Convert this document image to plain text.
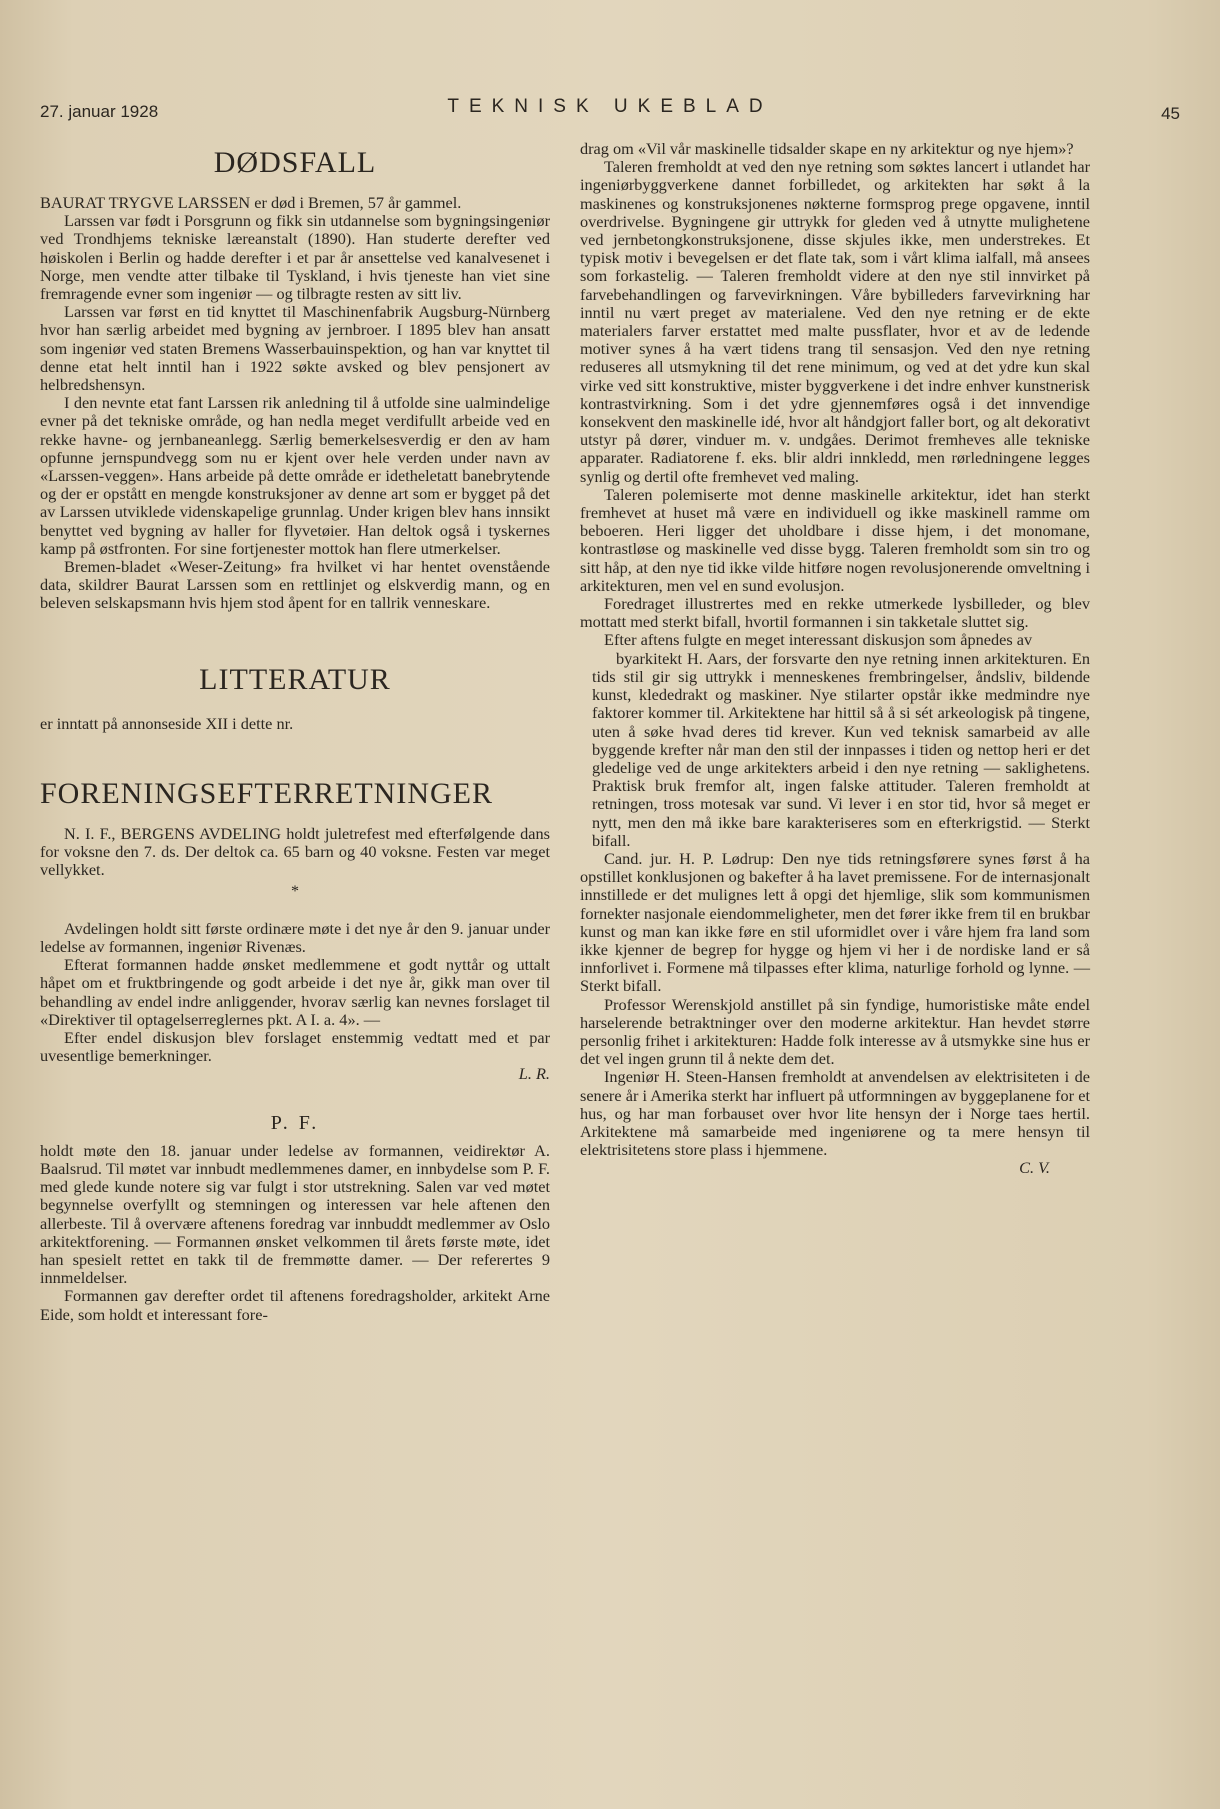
27. januar 1928	TEKNISK UKEBLAD	45
DØDSFALL

BAURAT TRYGVE LARSSEN er død i Bremen, 57 år gammel.

Larssen var født i Porsgrunn og fikk sin utdannelse som bygningsingeniør ved Trondhjems tekniske læreanstalt (1890). Han studerte derefter ved høiskolen i Berlin og hadde derefter i et par år ansettelse ved kanalvesenet i Norge, men vendte atter tilbake til Tyskland, i hvis tjeneste han viet sine fremragende evner som ingeniør — og tilbragte resten av sitt liv.

Larssen var først en tid knyttet til Maschinenfabrik Augsburg-Nürnberg hvor han særlig arbeidet med bygning av jernbroer. I 1895 blev han ansatt som ingeniør ved staten Bremens Wasserbauinspektion, og han var knyttet til denne etat helt inntil han i 1922 søkte avsked og blev pensjonert av helbredshensyn.

I den nevnte etat fant Larssen rik anledning til å utfolde sine ualmindelige evner på det tekniske område, og han nedla meget verdifullt arbeide ved en rekke havne- og jernbaneanlegg. Særlig bemerkelsesverdig er den av ham opfunne jernspundvegg som nu er kjent over hele verden under navn av «Larssen-veggen». Hans arbeide på dette område er idetheletatt banebrytende og der er opstått en mengde konstruksjoner av denne art som er bygget på det av Larssen utviklede videnskapelige grunnlag. Under krigen blev hans innsikt benyttet ved bygning av haller for flyvetøier. Han deltok også i tyskernes kamp på østfronten. For sine fortjenester mottok han flere utmerkelser.

Bremen-bladet «Weser-Zeitung» fra hvilket vi har hentet ovenstående data, skildrer Baurat Larssen som en rettlinjet og elskverdig mann, og en beleven selskapsmann hvis hjem stod åpent for en tallrik venneskare.

LITTERATUR

er inntatt på annonseside XII i dette nr.

FORENINGSEFTERRETNINGER

N. I. F., BERGENS AVDELING holdt juletrefest med efterfølgende dans for voksne den 7. ds. Der deltok ca. 65 barn og 40 voksne. Festen var meget vellykket.

*

Avdelingen holdt sitt første ordinære møte i det nye år den 9. januar under ledelse av formannen, ingeniør Rivenæs.

Efterat formannen hadde ønsket medlemmene et godt nyttår og uttalt håpet om et fruktbringende og godt arbeide i det nye år, gikk man over til behandling av endel indre anliggender, hvorav særlig kan nevnes forslaget til «Direktiver til optagelserreglernes pkt. A I. a. 4». —

Efter endel diskusjon blev forslaget enstemmig vedtatt med et par uvesentlige bemerkninger.

L. R.
P. F.

holdt møte den 18. januar under ledelse av formannen, veidirektør A. Baalsrud. Til møtet var innbudt medlemmenes damer, en innbydelse som P. F. med glede kunde notere sig var fulgt i stor utstrekning. Salen var ved møtet begynnelse overfyllt og stemningen og interessen var hele aftenen den allerbeste. Til å overvære aftenens foredrag var innbuddt medlemmer av Oslo arkitektforening. — Formannen ønsket velkommen til årets første møte, idet han spesielt rettet en takk til de fremmøtte damer. — Der referertes 9 innmeldelser.

Formannen gav derefter ordet til aftenens foredragsholder, arkitekt Arne Eide, som holdt et interessant fore-

drag om «Vil vår maskinelle tidsalder skape en ny arkitektur og nye hjem»?

Taleren fremholdt at ved den nye retning som søktes lancert i utlandet har ingeniørbyggverkene dannet forbilledet, og arkitekten har søkt å la maskinenes og konstruksjonenes nøkterne formsprog prege opgavene, inntil overdrivelse. Bygningene gir uttrykk for gleden ved å utnytte mulighetene ved jernbetongkonstruksjonene, disse skjules ikke, men understrekes. Et typisk motiv i bevegelsen er det flate tak, som i vårt klima ialfall, må ansees som forkastelig. — Taleren fremholdt videre at den nye stil innvirket på farvebehandlingen og farvevirkningen. Våre bybilleders farvevirkning har inntil nu vært preget av materialene. Ved den nye retning er de ekte materialers farver erstattet med malte pussflater, hvor et av de ledende motiver synes å ha vært tidens trang til sensasjon. Ved den nye retning reduseres all utsmykning til det rene minimum, og ved at det ydre kun skal virke ved sitt konstruktive, mister byggverkene i det indre enhver kunstnerisk kontrastvirkning. Som i det ydre gjennemføres også i det innvendige konsekvent den maskinelle idé, hvor alt håndgjort faller bort, og alt dekorativt utstyr på dører, vinduer m. v. undgåes. Derimot fremheves alle tekniske apparater. Radiatorene f. eks. blir aldri innkledd, men rørledningene legges synlig og dertil ofte fremhevet ved maling.

Taleren polemiserte mot denne maskinelle arkitektur, idet han sterkt fremhevet at huset må være en individuell og ikke maskinell ramme om beboeren. Heri ligger det uholdbare i disse hjem, i det monomane, kontrastløse og maskinelle ved disse bygg. Taleren fremholdt som sin tro og sitt håp, at den nye tid ikke vilde hitføre nogen revolusjonerende omveltning i arkitekturen, men vel en sund evolusjon.

Foredraget illustrertes med en rekke utmerkede lysbilleder, og blev mottatt med sterkt bifall, hvortil formannen i sin takketale sluttet sig.

Efter aftens fulgte en meget interessant diskusjon som åpnedes av

byarkitekt H. Aars, der forsvarte den nye retning innen arkitekturen. En tids stil gir sig uttrykk i menneskenes frembringelser, åndsliv, bildende kunst, klededrakt og maskiner. Nye stilarter opstår ikke medmindre nye faktorer kommer til. Arkitektene har hittil så å si sét arkeologisk på tingene, uten å søke hvad deres tid krever. Kun ved teknisk samarbeid av alle byggende krefter når man den stil der innpasses i tiden og nettop heri er det gledelige ved de unge arkitekters arbeid i den nye retning — saklighetens. Praktisk bruk fremfor alt, ingen falske attituder. Taleren fremholdt at retningen, tross motesak var sund. Vi lever i en stor tid, hvor så meget er nytt, men den må ikke bare karakteriseres som en efterkrigstid. — Sterkt bifall.

Cand. jur. H. P. Lødrup: Den nye tids retningsførere synes først å ha opstillet konklusjonen og bakefter å ha lavet premissene. For de internasjonalt innstillede er det mulignes lett å opgi det hjemlige, slik som kommunismen fornekter nasjonale eiendommeligheter, men det fører ikke frem til en brukbar kunst og man kan ikke føre en stil uformidlet over i våre hjem fra land som ikke kjenner de begrep for hygge og hjem vi her i de nordiske land er så innforlivet i. Formene må tilpasses efter klima, naturlige forhold og lynne. — Sterkt bifall.

Professor Werenskjold anstillet på sin fyndige, humoristiske måte endel harselerende betraktninger over den moderne arkitektur. Han hevdet større personlig frihet i arkitekturen: Hadde folk interesse av å utsmykke sine hus er det vel ingen grunn til å nekte dem det.

Ingeniør H. Steen-Hansen fremholdt at anvendelsen av elektrisiteten i de senere år i Amerika sterkt har influert på utformningen av byggeplanene for et hus, og har man forbauset over hvor lite hensyn der i Norge taes hertil. Arkitektene må samarbeide med ingeniørene og ta mere hensyn til elektrisitetens store plass i hjemmene.

C. V.
